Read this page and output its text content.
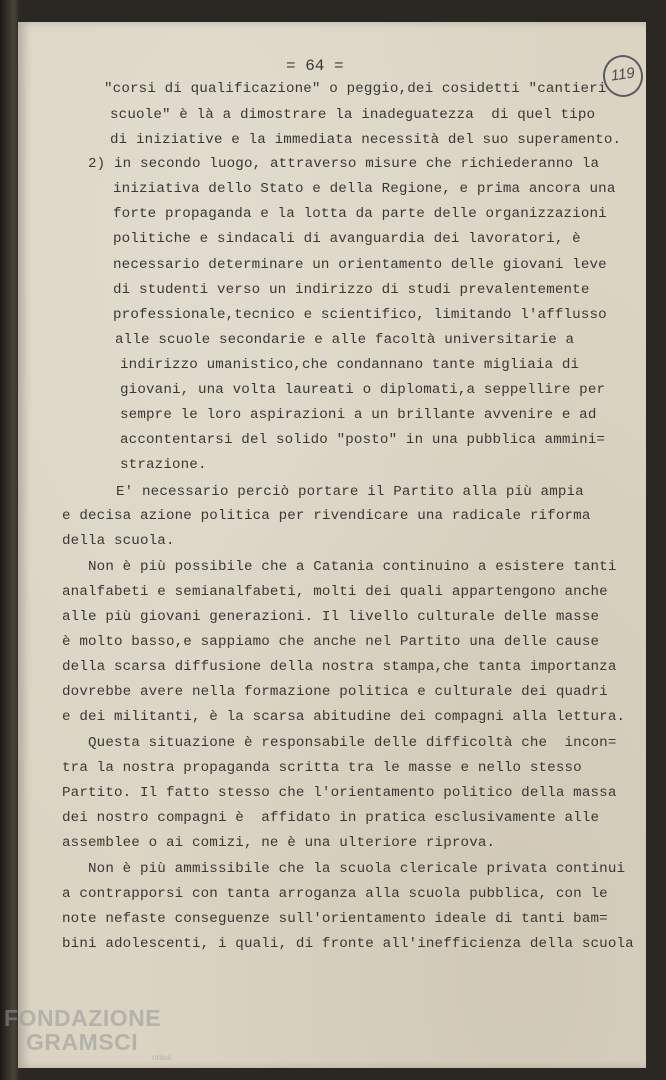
= 64 =	119
"corsi di qualificazione" o peggio,dei cosidetti "cantieri
scuole" è là a dimostrare la inadeguatezza  di quel tipo
di iniziative e la immediata necessità del suo superamento.
2) in secondo luogo, attraverso misure che richiederanno la
iniziativa dello Stato e della Regione, e prima ancora una
forte propaganda e la lotta da parte delle organizzazioni
politiche e sindacali di avanguardia dei lavoratori, è
necessario determinare un orientamento delle giovani leve
di studenti verso un indirizzo di studi prevalentemente
professionale,tecnico e scientifico, limitando l'afflusso
alle scuole secondarie e alle facoltà universitarie a
indirizzo umanistico,che condannano tante migliaia di
giovani, una volta laureati o diplomati,a seppellire per
sempre le loro aspirazioni a un brillante avvenire e ad
accontentarsi del solido "posto" in una pubblica ammini=
strazione.
E' necessario perciò portare il Partito alla più ampia
e decisa azione politica per rivendicare una radicale riforma
della scuola.
Non è più possibile che a Catania continuino a esistere tanti
analfabeti e semianalfabeti, molti dei quali appartengono anche
alle più giovani generazioni. Il livello culturale delle masse
è molto basso,e sappiamo che anche nel Partito una delle cause
della scarsa diffusione della nostra stampa,che tanta importanza
dovrebbe avere nella formazione politica e culturale dei quadri
e dei militanti, è la scarsa abitudine dei compagni alla lettura.
Questa situazione è responsabile delle difficoltà che  incon=
tra la nostra propaganda scritta tra le masse e nello stesso
Partito. Il fatto stesso che l'orientamento politico della massa
dei nostro compagni è  affidato in pratica esclusivamente alle
assemblee o ai comizi, ne è una ulteriore riprova.
Non è più ammissibile che la scuola clericale privata continui
a contrapporsi con tanta arroganza alla scuola pubblica, con le
note nefaste conseguenze sull'orientamento ideale di tanti bam=
bini adolescenti, i quali, di fronte all'inefficienza della scuola
FONDAZIONE
GRAMSCI
onlus
